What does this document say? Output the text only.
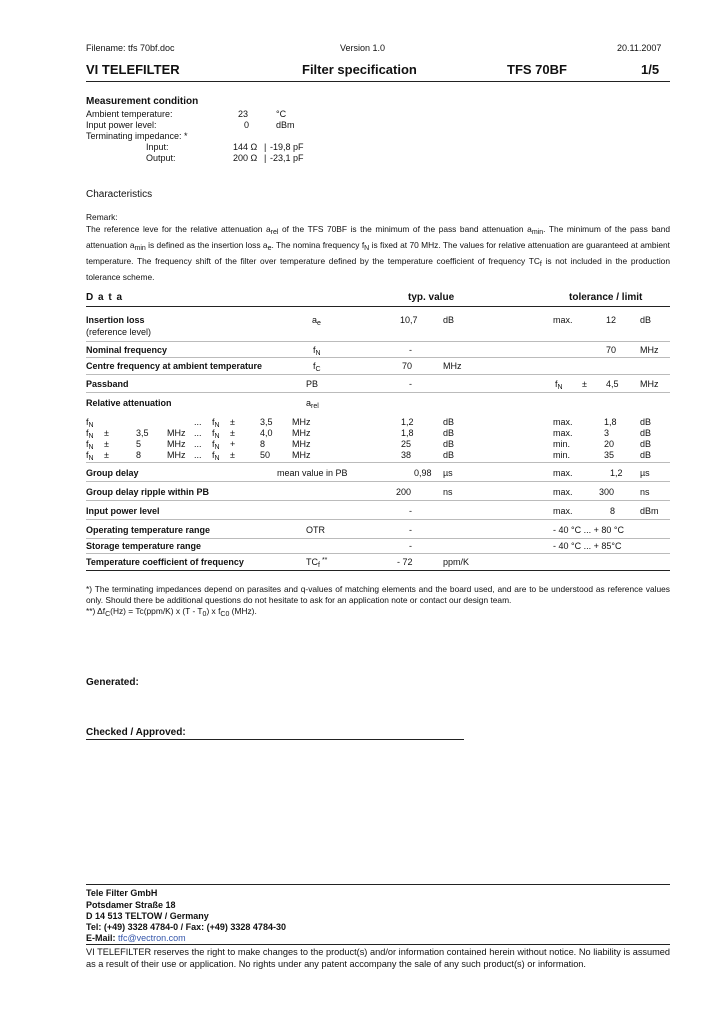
Filename: tfs 70bf.doc	Version 1.0	20.11.2007
VI TELEFILTER	Filter specification	TFS 70BF	1/5
Measurement condition
Ambient temperature:	23	°C
Input power level:	0	dBm
Terminating impedance: *
Input:	144 Ω | -19,8 pF
Output:	200 Ω | -23,1 pF
Characteristics
Remark:
The reference leve for the relative attenuation $a_{rel}$ of the TFS 70BF is the minimum of the pass band attenuation $a_{min}$. The minimum of the pass band attenuation $a_{min}$ is defined as the insertion loss $a_e$. The nomina frequency $f_N$ is fixed at 70 MHz. The values for relative attenuation are guaranteed at ambient temperature. The frequency shift of the filter over temperature defined by the temperature coefficient of frequency $TC_f$ is not included in the production tolerance scheme.
D a t a	typ. value	tolerance / limit
Insertion loss
(reference level)
$a_e$	10,7	dB	max.	12	dB
Nominal frequency	$f_N$	-	70	MHz
Centre frequency at ambient temperature	$f_C$	70	MHz
Passband	PB	-	$f_N \pm 4,5$ MHz
Relative attenuation	$a_{rel}$
$f_N$	... $f_N$ ±	3,5 MHz	1,2	dB	max.	1,8	dB
$f_N$ ±	3,5 MHz ... $f_N$ ±	4,0 MHz	1,8	dB	max.	3	dB
$f_N$ ±	5	MHz ... $f_N$ +	8	MHz	25	dB	min.	20	dB
$f_N$ ±	8	MHz ... $f_N$ ±	50 MHz	38	dB	min.	35	dB
Group delay	mean value in PB	0,98 µs	max.	1,2 µs
Group delay ripple within PB	200	ns	max.	300	ns
Input power level	-	max.	8	dBm
Operating temperature range	OTR	-	- 40 °C ... + 80 °C
Storage temperature range	-	- 40 °C ... + 85°C
Temperature coefficient of frequency	$TC_f^{**}$	- 72	ppm/K
*) The terminating impedances depend on parasites and q-values of matching elements and the board used, and are to be understood as reference values only. Should there be additional questions do not hesitate to ask for an application note or contact our design team.
**) $\Delta f_C(Hz) = Tc(ppm/K)$ x $(T - T_0)$ x $f_{C0}$ (MHz).
Generated:
Checked / Approved:
Tele Filter GmbH
Potsdamer Straße 18
D 14 513 TELTOW / Germany
Tel: (+49) 3328 4784-0 / Fax: (+49) 3328 4784-30
E-Mail: tfc@vectron.com
VI TELEFILTER reserves the right to make changes to the product(s) and/or information contained herein without notice. No liability is assumed as a result of their use or application. No rights under any patent accompany the sale of any such product(s) or information.
